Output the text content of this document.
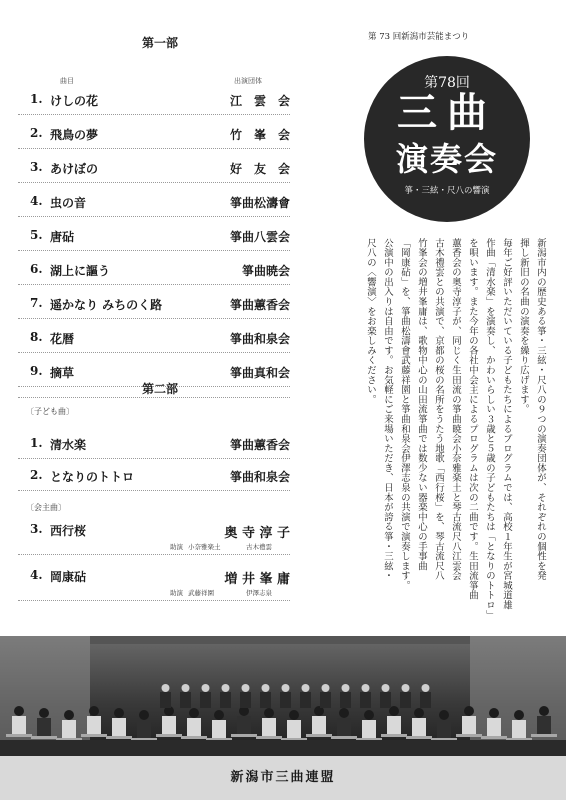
第一部
曲目	出演団体
1. けしの花	江　雲　会
2. 飛鳥の夢	竹　峯　会
3. あけぼの	好　友　会
4. 虫の音	箏曲松濤會
5. 唐砧	箏曲八雲会
6. 湖上に謳う	箏曲暁会
7. 遥かなり みちのく路	箏曲蕙香会
8. 花暦	箏曲和泉会
9. 摘草	箏曲真和会
第二部
〔子ども曲〕
1. 清水楽	箏曲蕙香会
2. となりのトトロ	箏曲和泉会
〔会主曲〕
3. 西行桜	奥 寺 淳 子
助演 小奈雅楽土	古木禮雲
4. 岡康砧	増 井 峯 庸
助演 武藤祥園	伊澤志泉
第 73 回新潟市芸能まつり
第78回
三曲
演奏会
箏・三絃・尺八の響演
新潟市内の歴史ある箏・三絃・尺八の９つの演奏団体が、それぞれの個性を発
揮し新旧の名曲の演奏を繰り広げます。
毎年ご好評いただいている子どもたちによるプログラムでは、高校１年生が宮城道雄
作曲「清水楽」を演奏し、かわいらしい３歳と５歳の子どもたちは「となりのトトロ」
を唄います。また今年の各社中会主によるプログラムは次の二曲です。生田流箏曲
蕙香会の奥寺淳子が、同じく生田流の箏曲暁会小奈雅楽土と琴古流尺八江雲会
古木禮雲との共演で、京都の桜の名所をうたう地歌「西行桜」を、琴古流尺八
竹峯会の増井峯庸は、歌物中心の山田流箏曲では数少ない器楽中心の手事曲
「岡康砧」を、箏曲松濤會武藤祥園と箏曲和泉会伊澤志泉の共演で演奏します。
公演中の出入りは自由です。お気軽にご来場いただき、日本が誇る箏・三絃・
尺八の〈響演〉をお楽しみください。
新潟市三曲連盟
